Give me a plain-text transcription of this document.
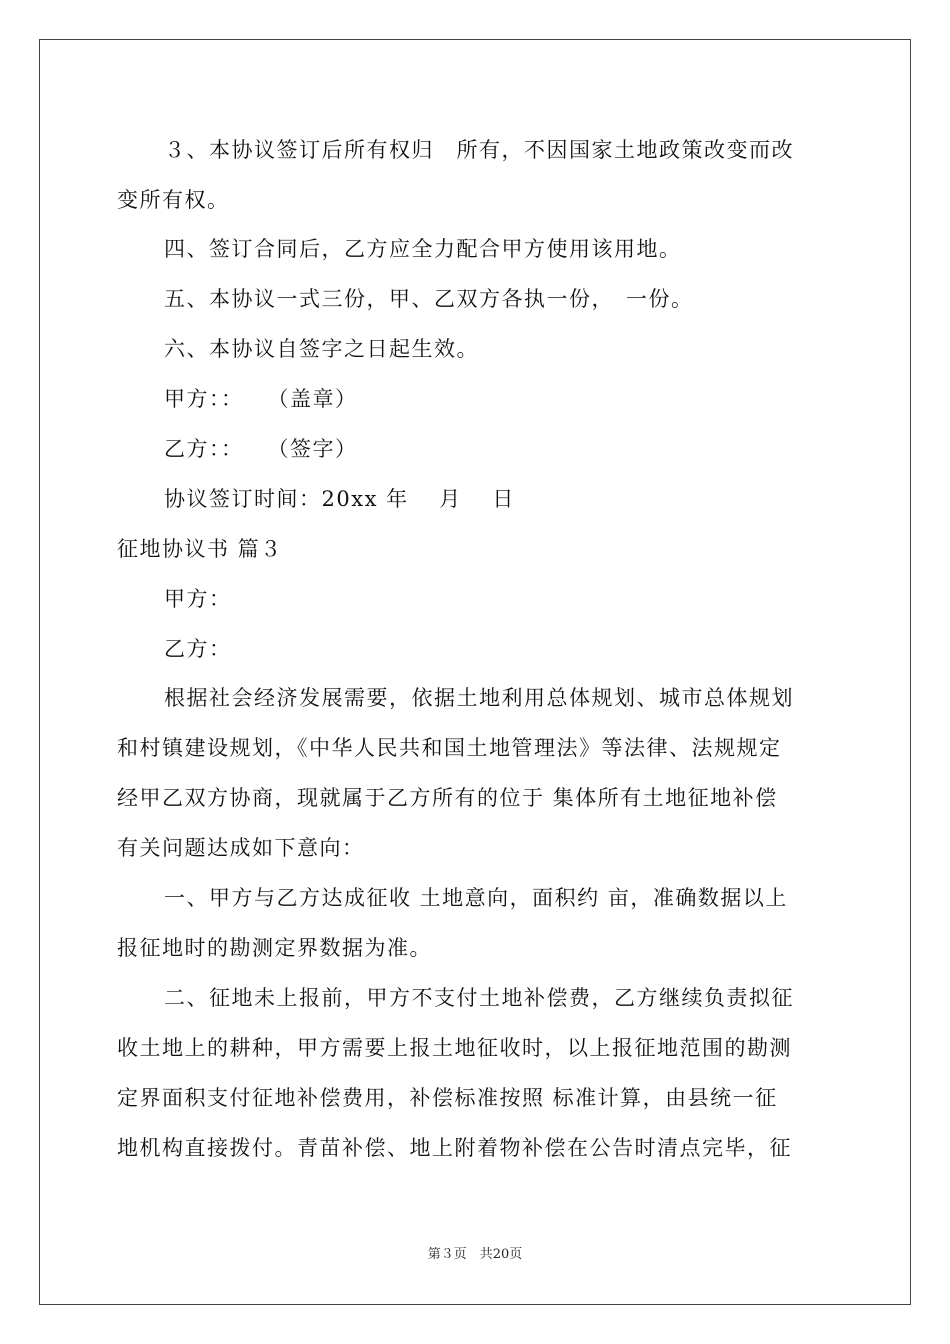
３、本协议签订后所有权归　所有，不因国家土地政策改变而改
变所有权。
四、签订合同后，乙方应全力配合甲方使用该用地。
五、本协议一式三份，甲、乙双方各执一份，　一份。
六、本协议自签字之日起生效。
甲方：：　　（盖章）
乙方：：　　（签字）
协议签订时间：20xx 年　 月　 日
征地协议书 篇３
甲方：
乙方：
根据社会经济发展需要，依据土地利用总体规划、城市总体规划
和村镇建设规划，《中华人民共和国土地管理法》等法律、法规规定
经甲乙双方协商，现就属于乙方所有的位于 集体所有土地征地补偿
有关问题达成如下意向：
一、甲方与乙方达成征收 土地意向，面积约 亩，准确数据以上
报征地时的勘测定界数据为准。
二、征地未上报前，甲方不支付土地补偿费，乙方继续负责拟征
收土地上的耕种，甲方需要上报土地征收时，以上报征地范围的勘测
定界面积支付征地补偿费用，补偿标准按照 标准计算，由县统一征
地机构直接拨付。青苗补偿、地上附着物补偿在公告时清点完毕，征
第３页　共20页
